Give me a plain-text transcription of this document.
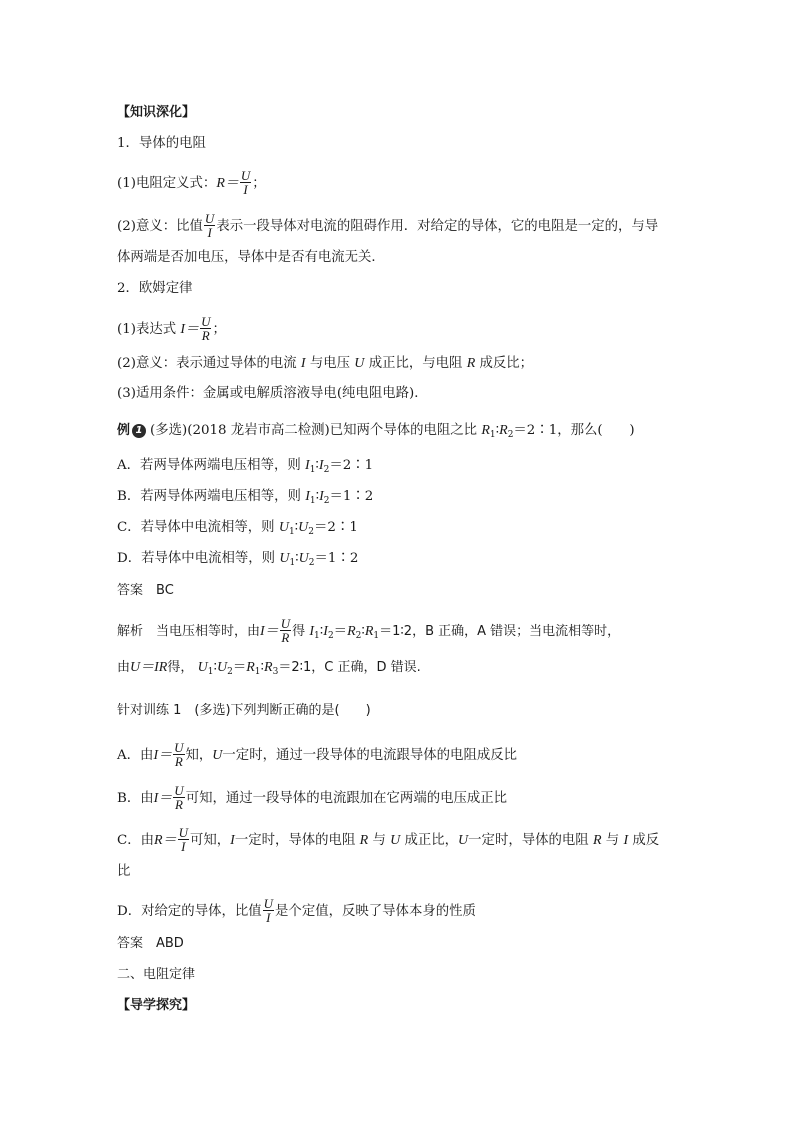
【知识深化】
1．导体的电阻
(1)电阻定义式：$R= \frac{U}{I}$ ；
(2)意义：比值 $\frac{U}{I}$ 表示一段导体对电流的阻碍作用．对给定的导体，它的电阻是一定的，与导
体两端是否加电压，导体中是否有电流无关．
2．欧姆定律
(1)表达式 $I= \frac{U}{R}$ ；
(2)意义：表示通过导体的电流 I 与电压 U 成正比，与电阻 R 成反比；
(3)适用条件：金属或电解质溶液导电(纯电阻电路)．
例 1 (多选)(2018 龙岩市高二检测)已知两个导体的电阻之比 $R_1∶R_2=2∶1$，那么(　　)
A．若两导体两端电压相等，则 $I_1∶I_2=2∶1$
B．若两导体两端电压相等，则 $I_1∶I_2=1∶2$
C．若导体中电流相等，则 $U_1∶U_2=2∶1$
D．若导体中电流相等，则 $U_1∶U_2=1∶2$
答案　BC
解析　当电压相等时，由$I= \frac{U}{R}$ 得 $I_1∶I_2=R_2∶R_1=1∶2$，B 正确，A 错误；当电流相等时，
由U＝IR得， $U_1∶U_2=R_1∶R_3=2∶1$，C 正确，D 错误.
针对训练 1　(多选)下列判断正确的是(　　)
A．由$I= \frac{U}{R}$ 知，U一定时，通过一段导体的电流跟导体的电阻成反比
B．由$I= \frac{U}{R}$ 可知，通过一段导体的电流跟加在它两端的电压成正比
C．由$R= \frac{U}{I}$ 可知，I一定时，导体的电阻 R 与 U 成正比，U一定时，导体的电阻 R 与 I 成反
比
D．对给定的导体，比值 $\frac{U}{I}$ 是个定值，反映了导体本身的性质
答案　ABD
二、电阻定律
【导学探究】
